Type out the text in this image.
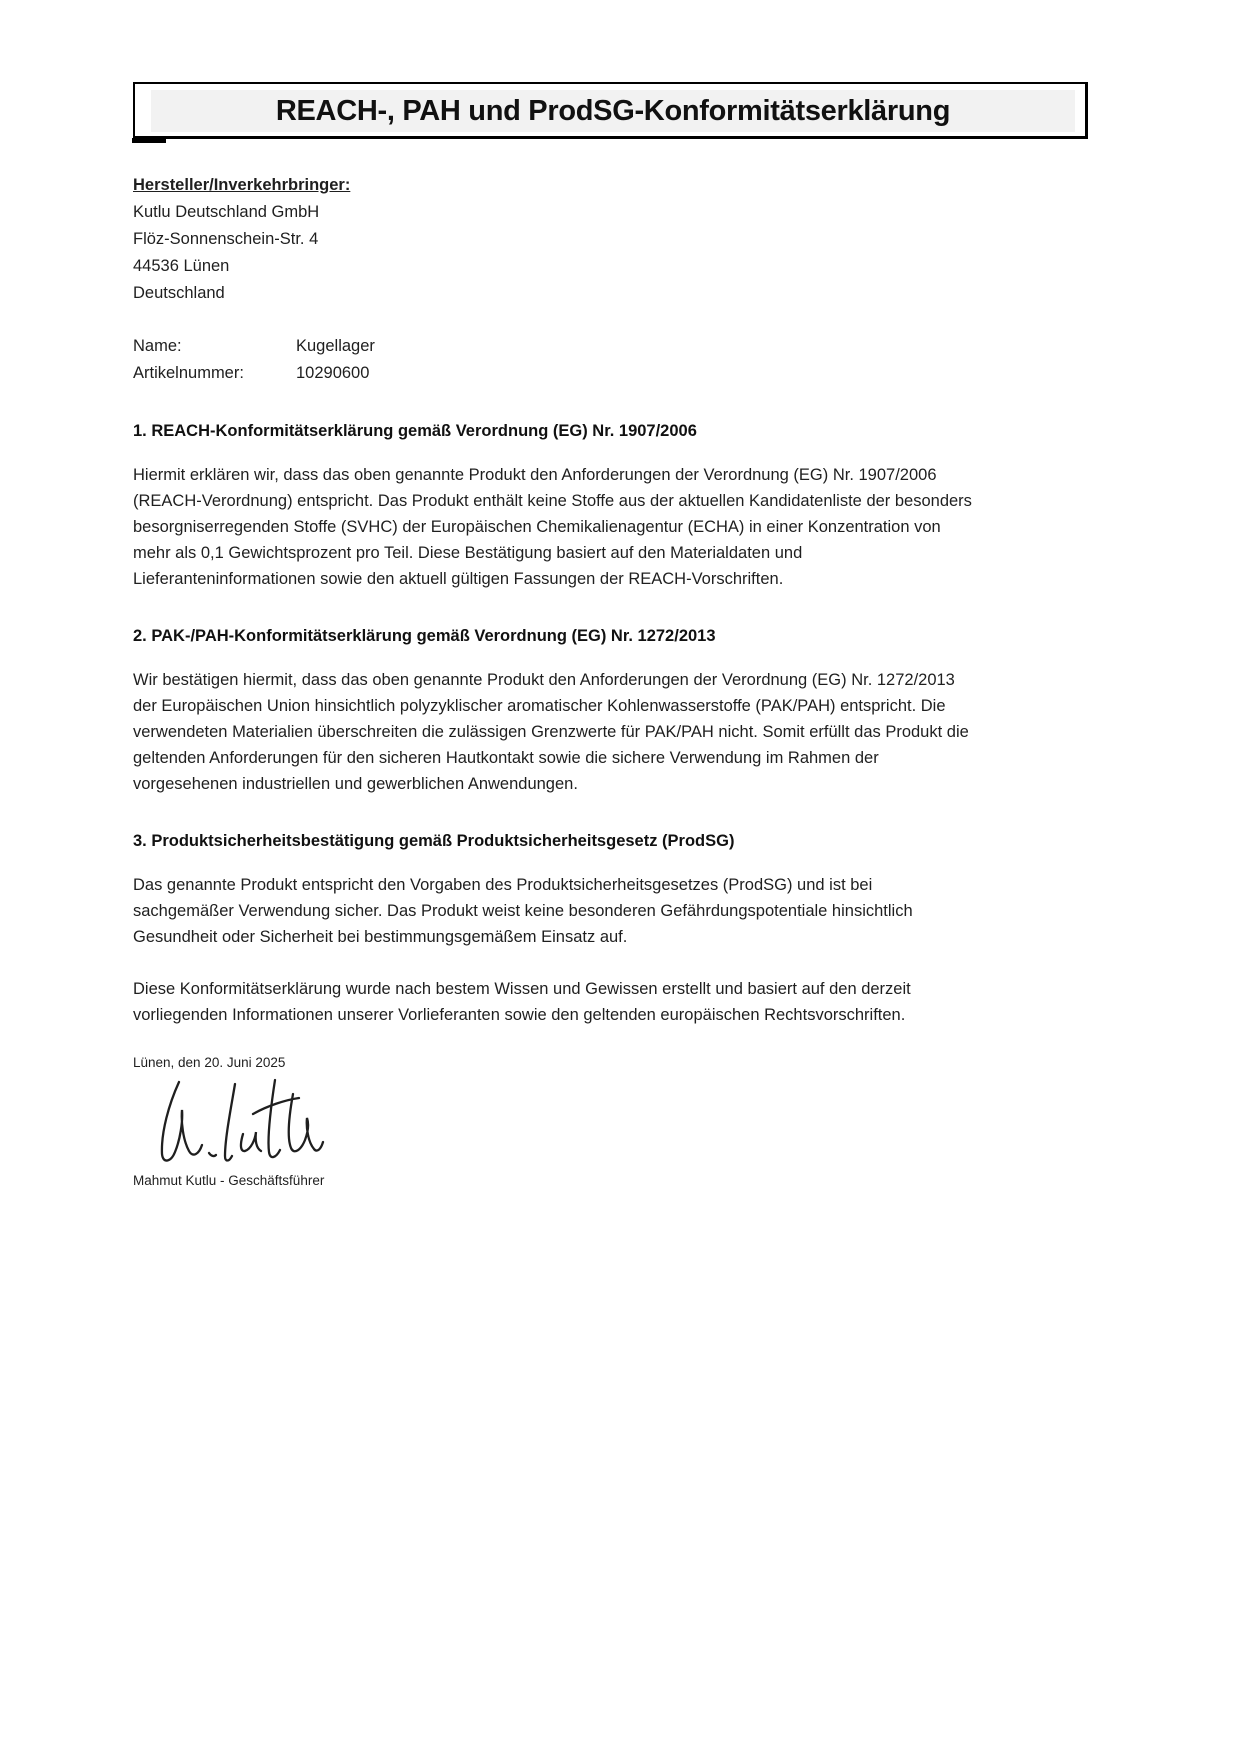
REACH-, PAH und ProdSG-Konformitätserklärung
Hersteller/Inverkehrbringer:
Kutlu Deutschland GmbH
Flöz-Sonnenschein-Str. 4
44536 Lünen
Deutschland
Name:	Kugellager
Artikelnummer:	10290600
1. REACH-Konformitätserklärung gemäß Verordnung (EG) Nr. 1907/2006

Hiermit erklären wir, dass das oben genannte Produkt den Anforderungen der Verordnung (EG) Nr. 1907/2006 (REACH-Verordnung) entspricht. Das Produkt enthält keine Stoffe aus der aktuellen Kandidatenliste der besonders besorgniserregenden Stoffe (SVHC) der Europäischen Chemikalienagentur (ECHA) in einer Konzentration von mehr als 0,1 Gewichtsprozent pro Teil. Diese Bestätigung basiert auf den Materialdaten und Lieferanteninformationen sowie den aktuell gültigen Fassungen der REACH-Vorschriften.

2. PAK-/PAH-Konformitätserklärung gemäß Verordnung (EG) Nr. 1272/2013

Wir bestätigen hiermit, dass das oben genannte Produkt den Anforderungen der Verordnung (EG) Nr. 1272/2013 der Europäischen Union hinsichtlich polyzyklischer aromatischer Kohlenwasserstoffe (PAK/PAH) entspricht. Die verwendeten Materialien überschreiten die zulässigen Grenzwerte für PAK/PAH nicht. Somit erfüllt das Produkt die geltenden Anforderungen für den sicheren Hautkontakt sowie die sichere Verwendung im Rahmen der vorgesehenen industriellen und gewerblichen Anwendungen.

3. Produktsicherheitsbestätigung gemäß Produktsicherheitsgesetz (ProdSG)

Das genannte Produkt entspricht den Vorgaben des Produktsicherheitsgesetzes (ProdSG) und ist bei sachgemäßer Verwendung sicher. Das Produkt weist keine besonderen Gefährdungspotentiale hinsichtlich Gesundheit oder Sicherheit bei bestimmungsgemäßem Einsatz auf.

Diese Konformitätserklärung wurde nach bestem Wissen und Gewissen erstellt und basiert auf den derzeit vorliegenden Informationen unserer Vorlieferanten sowie den geltenden europäischen Rechtsvorschriften.

Lünen, den 20. Juni 2025
Mahmut Kutlu - Geschäftsführer
